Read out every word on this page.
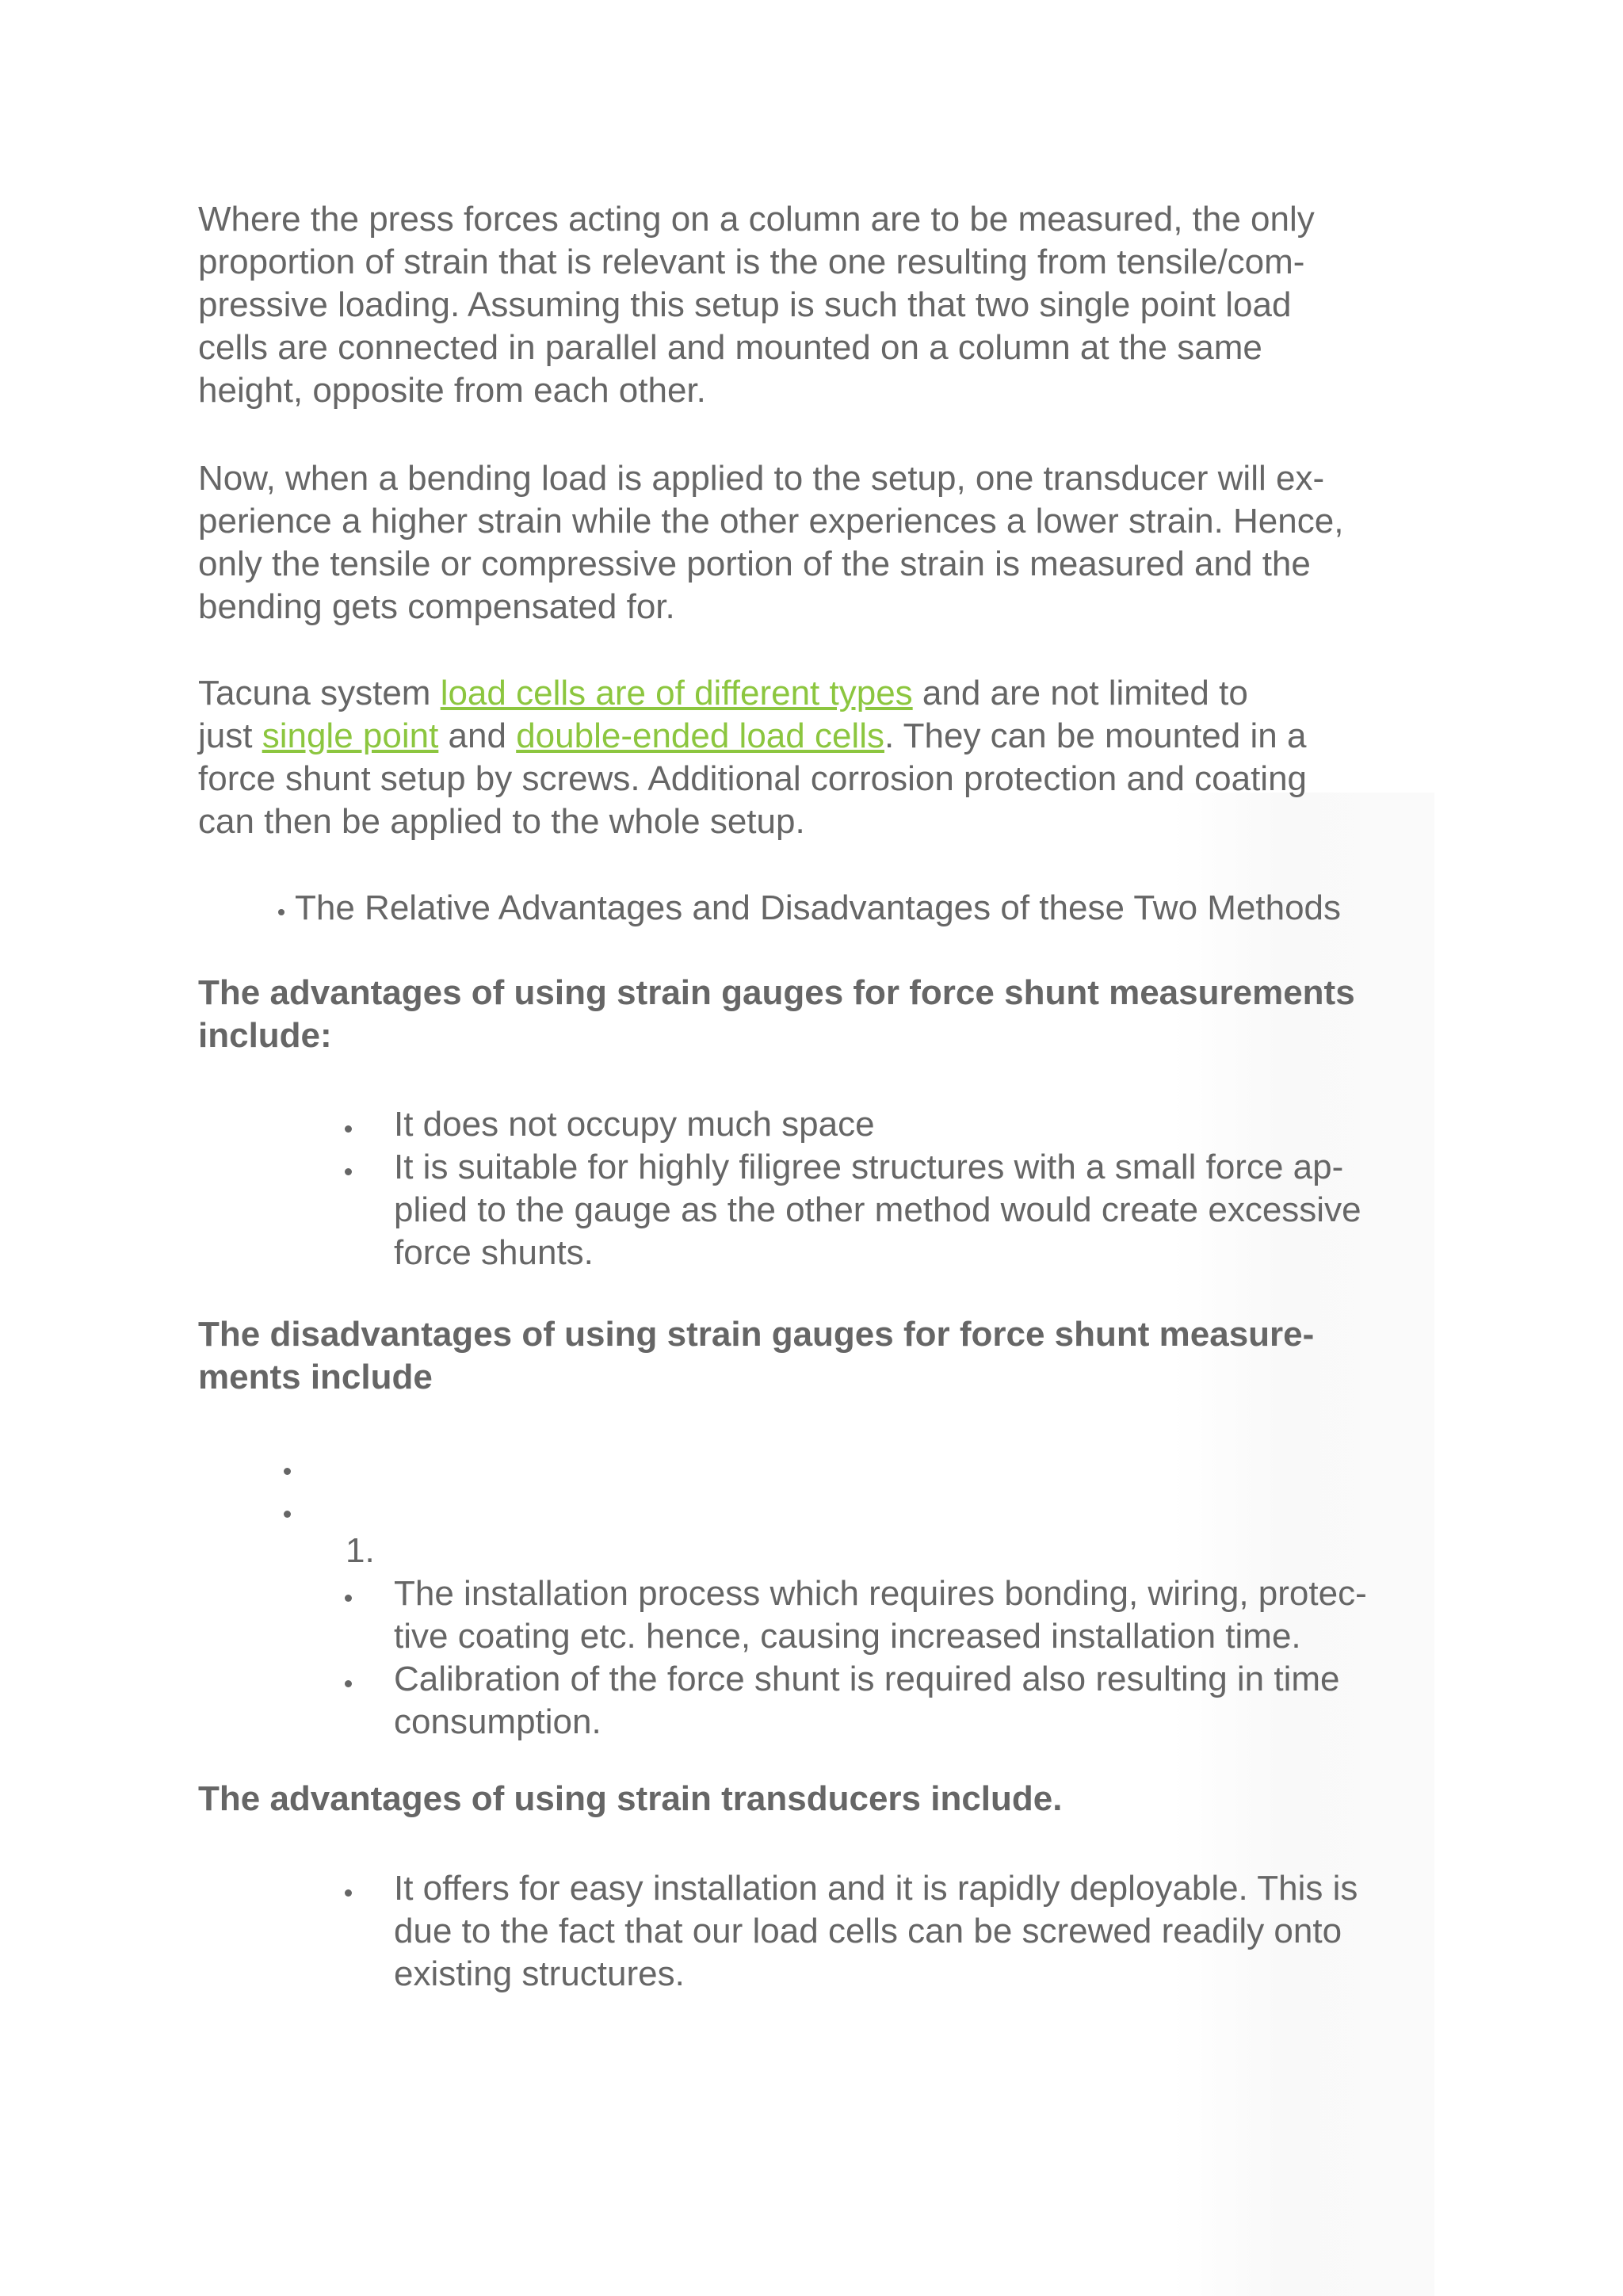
Where the press forces acting on a column are to be measured, the only
proportion of strain that is relevant is the one resulting from tensile/com-
pressive loading. Assuming this setup is such that two single point load
cells are connected in parallel and mounted on a column at the same
height, opposite from each other.
Now, when a bending load is applied to the setup, one transducer will ex-
perience a higher strain while the other experiences a lower strain. Hence,
only the tensile or compressive portion of the strain is measured and the
bending gets compensated for.
Tacuna system load cells are of different types and are not limited to
just single point and double-ended load cells. They can be mounted in a
force shunt setup by screws. Additional corrosion protection and coating
can then be applied to the whole setup.
The Relative Advantages and Disadvantages of these Two Methods
The advantages of using strain gauges for force shunt measurements
include:
It does not occupy much space
It is suitable for highly filigree structures with a small force ap-
plied to the gauge as the other method would create excessive
force shunts.
The disadvantages of using strain gauges for force shunt measure-
ments include
1.
The installation process which requires bonding, wiring, protec-
tive coating etc. hence, causing increased installation time.
Calibration of the force shunt is required also resulting in time
consumption.
The advantages of using strain transducers include.
It offers for easy installation and it is rapidly deployable. This is
due to the fact that our load cells can be screwed readily onto
existing structures.
